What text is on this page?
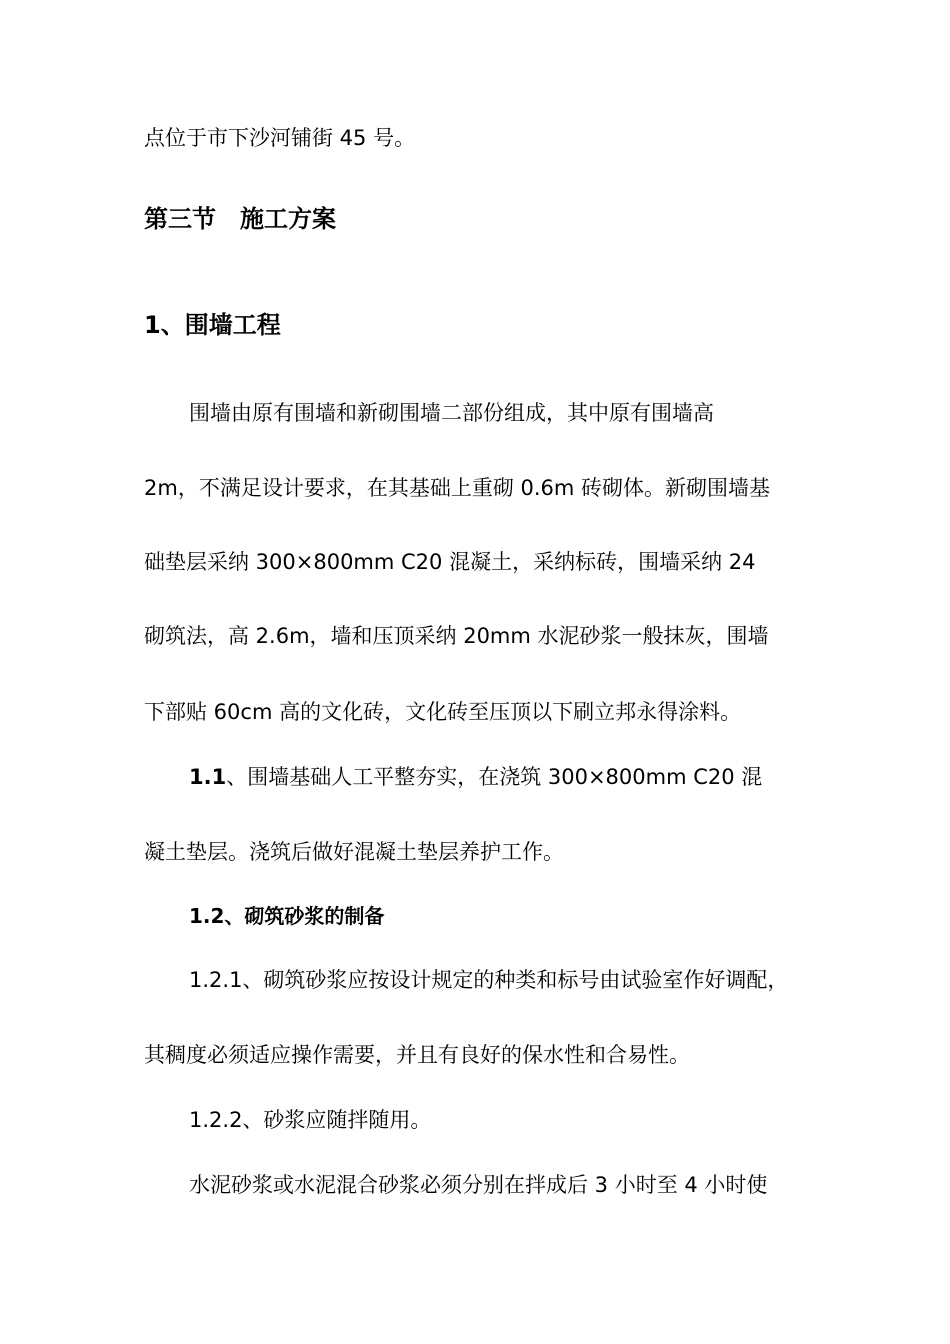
点位于市下沙河铺街 45 号。

第三节　施工方案
1、围墙工程

围墙由原有围墙和新砌围墙二部份组成，其中原有围墙高

2m，不满足设计要求，在其基础上重砌 0.6m 砖砌体。新砌围墙基

础垫层采纳 300×800mm C20 混凝土，采纳标砖，围墙采纳 24

砌筑法，高 2.6m，墙和压顶采纳 20mm 水泥砂浆一般抹灰，围墙

下部贴 60cm 高的文化砖，文化砖至压顶以下刷立邦永得涂料。

1.1、围墙基础人工平整夯实，在浇筑 300×800mm C20 混

凝土垫层。浇筑后做好混凝土垫层养护工作。

1.2、砌筑砂浆的制备

1.2.1、砌筑砂浆应按设计规定的种类和标号由试验室作好调配，

其稠度必须适应操作需要，并且有良好的保水性和合易性。

1.2.2、砂浆应随拌随用。

水泥砂浆或水泥混合砂浆必须分别在拌成后 3 小时至 4 小时使
